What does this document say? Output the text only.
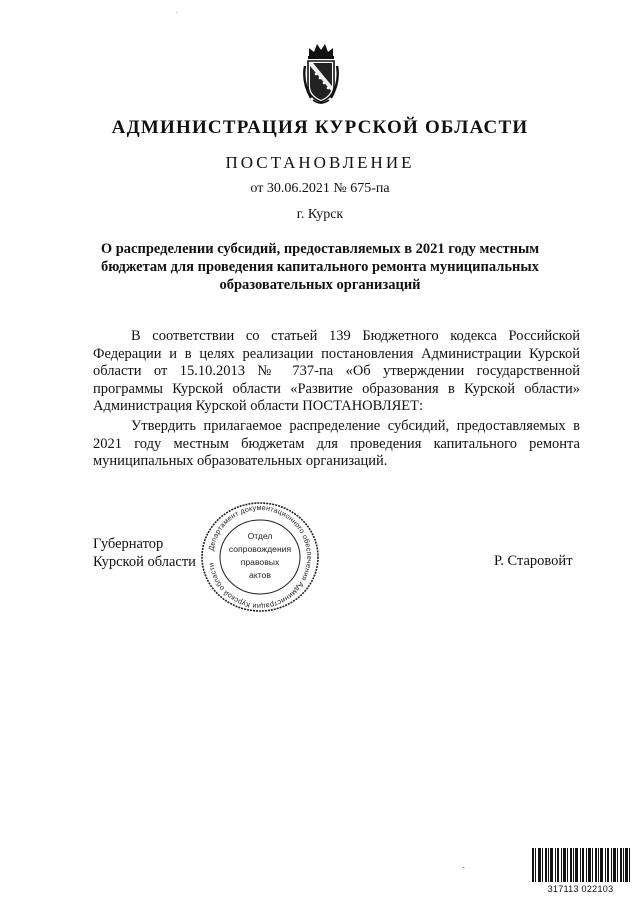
·
АДМИНИСТРАЦИЯ КУРСКОЙ ОБЛАСТИ
ПОСТАНОВЛЕНИЕ
от 30.06.2021 № 675-па
г. Курск
О распределении субсидий, предоставляемых в 2021 году местным
бюджетам для проведения капитального ремонта муниципальных
образовательных организаций

В соответствии со статьей 139 Бюджетного кодекса Российской Федерации и в целях реализации постановления Администрации Курской области от 15.10.2013 № 737-па «Об утверждении государственной программы Курской области «Развитие образования в Курской области» Администрация Курской области ПОСТАНОВЛЯЕТ:

Утвердить прилагаемое распределение субсидий, предоставляемых в 2021 году местным бюджетам для проведения капитального ремонта муниципальных образовательных организаций.

Губернатор
Курской области	Р. Старовойт
Департамент документационного обеспечения Администрации Курской области
Отдел
сопровождения
правовых
актов
ˏ
317113 022103
